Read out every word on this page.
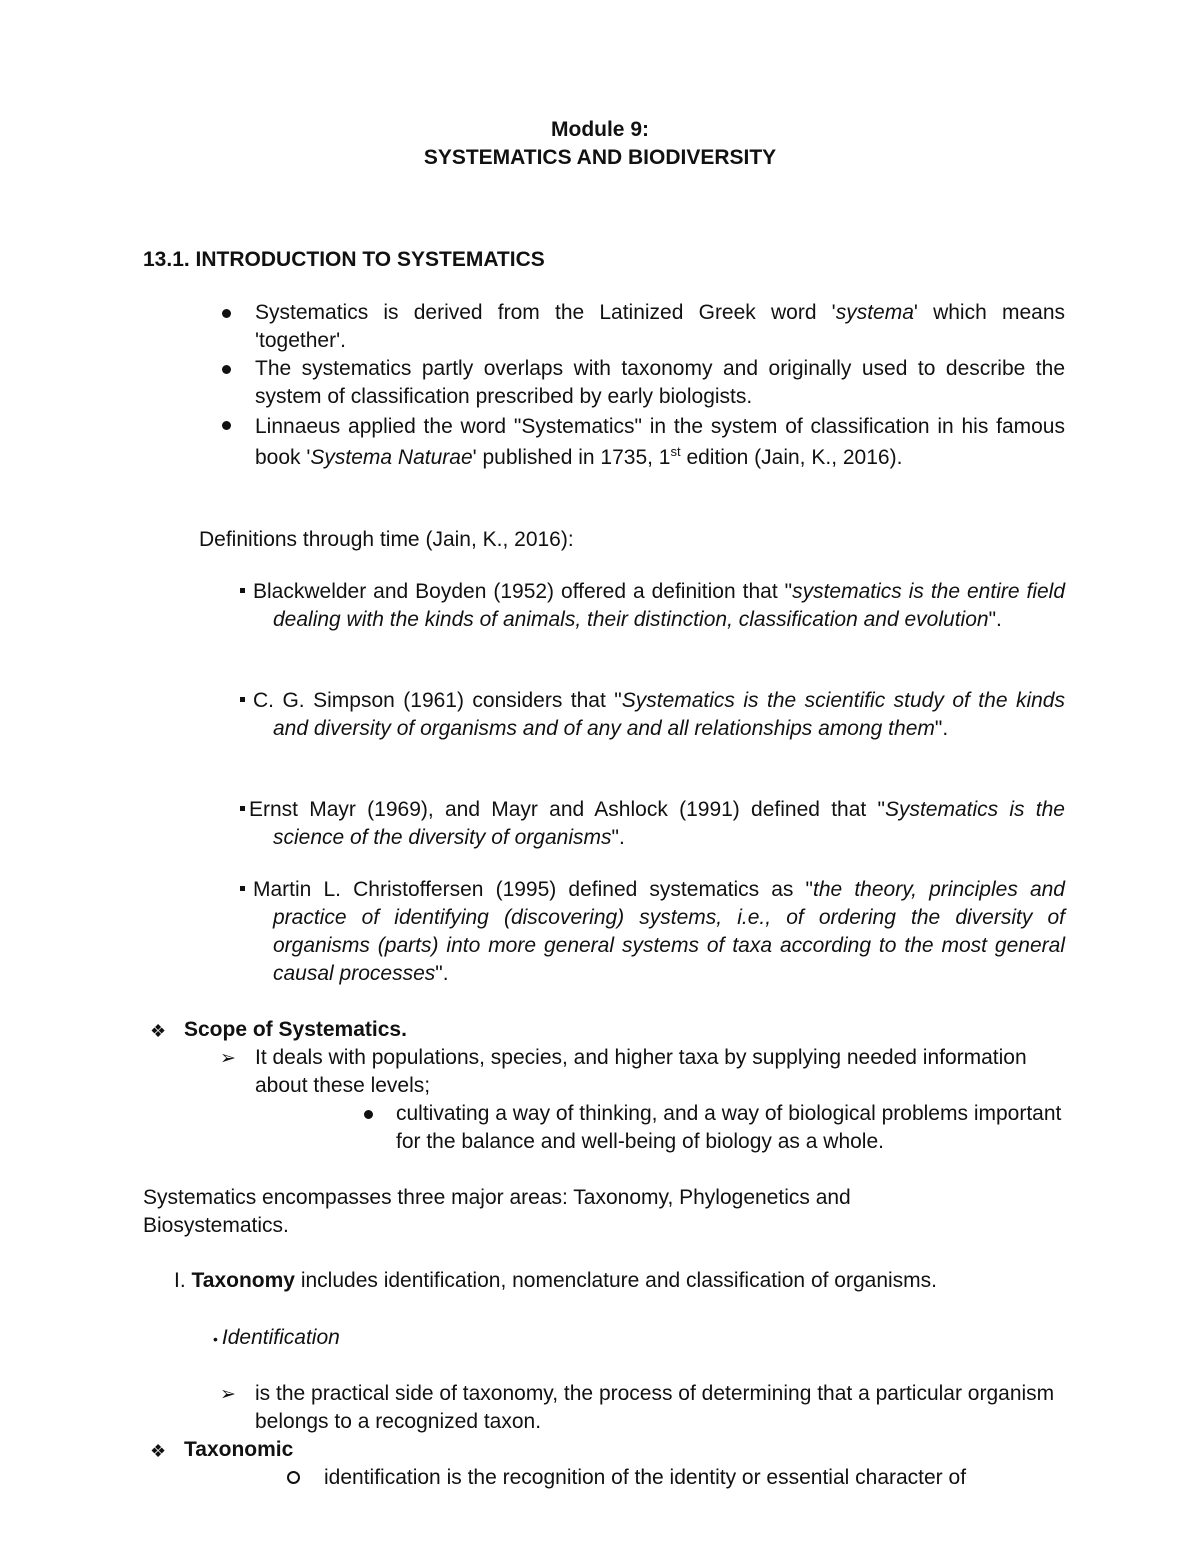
Module 9:
SYSTEMATICS AND BIODIVERSITY
13.1. INTRODUCTION TO SYSTEMATICS
Systematics is derived from the Latinized Greek word 'systema' which means 'together'.
The systematics partly overlaps with taxonomy and originally used to describe the system of classification prescribed by early biologists.
Linnaeus applied the word "Systematics" in the system of classification in his famous book 'Systema Naturae' published in 1735, 1st edition (Jain, K., 2016).
Definitions through time (Jain, K., 2016):
Blackwelder and Boyden (1952) offered a definition that "systematics is the entire field dealing with the kinds of animals, their distinction, classification and evolution".
C. G. Simpson (1961) considers that "Systematics is the scientific study of the kinds and diversity of organisms and of any and all relationships among them".
Ernst Mayr (1969), and Mayr and Ashlock (1991) defined that "Systematics is the science of the diversity of organisms".
Martin L. Christoffersen (1995) defined systematics as "the theory, principles and practice of identifying (discovering) systems, i.e., of ordering the diversity of organisms (parts) into more general systems of taxa according to the most general causal processes".
❖ Scope of Systematics.
➢ It deals with populations, species, and higher taxa by supplying needed information about these levels;
cultivating a way of thinking, and a way of biological problems important for the balance and well-being of biology as a whole.
Systematics encompasses three major areas: Taxonomy, Phylogenetics and Biosystematics.
I. Taxonomy includes identification, nomenclature and classification of organisms.
• Identification
➢ is the practical side of taxonomy, the process of determining that a particular organism belongs to a recognized taxon.
❖ Taxonomic
identification is the recognition of the identity or essential character of
